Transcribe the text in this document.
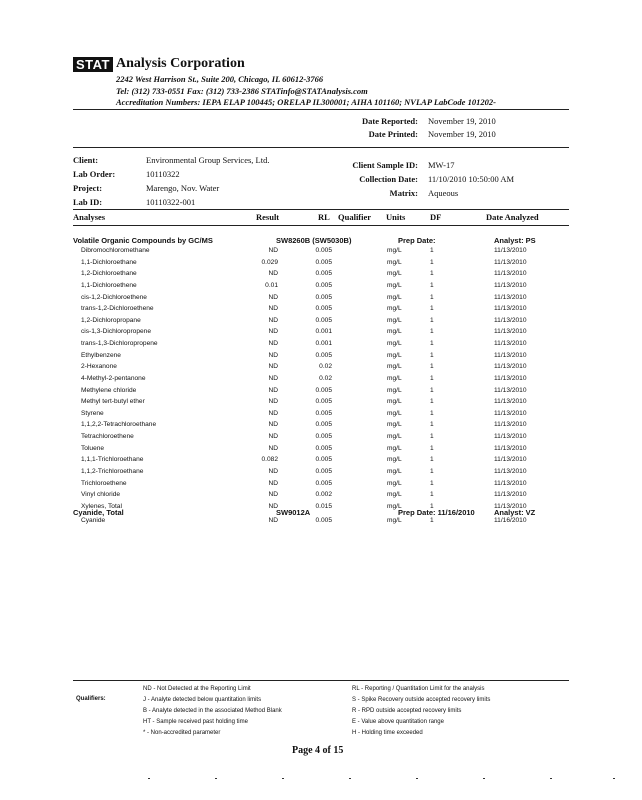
STAT Analysis Corporation
2242 West Harrison St., Suite 200, Chicago, IL 60612-3766
Tel: (312) 733-0551 Fax: (312) 733-2386 STATinfo@STATAnalysis.com
Accreditation Numbers: IEPA ELAP 100445; ORELAP IL300001; AIHA 101160; NVLAP LabCode 101202-
Date Reported: November 19, 2010
Date Printed: November 19, 2010
Client:	Environmental Group Services, Ltd.
Lab Order:	10110322
Project:	Marengo, Nov. Water
Lab ID:	10110322-001
Client Sample ID: MW-17
Collection Date: 11/10/2010 10:50:00 AM
Matrix: Aqueous
Analyses	Result	RL Qualifier Units	DF	Date Analyzed
Volatile Organic Compounds by GC/MS	SW8260B (SW5030B)	Prep Date:	Analyst: PS
Dibromochloromethane	ND	0.005	mg/L	1	11/13/2010
1,1-Dichloroethane	0.029	0.005	mg/L	1	11/13/2010
1,2-Dichloroethane	ND	0.005	mg/L	1	11/13/2010
1,1-Dichloroethene	0.01	0.005	mg/L	1	11/13/2010
cis-1,2-Dichloroethene	ND	0.005	mg/L	1	11/13/2010
trans-1,2-Dichloroethene	ND	0.005	mg/L	1	11/13/2010
1,2-Dichloropropane	ND	0.005	mg/L	1	11/13/2010
cis-1,3-Dichloropropene	ND	0.001	mg/L	1	11/13/2010
trans-1,3-Dichloropropene	ND	0.001	mg/L	1	11/13/2010
Ethylbenzene	ND	0.005	mg/L	1	11/13/2010
2-Hexanone	ND	0.02	mg/L	1	11/13/2010
4-Methyl-2-pentanone	ND	0.02	mg/L	1	11/13/2010
Methylene chloride	ND	0.005	mg/L	1	11/13/2010
Methyl tert-butyl ether	ND	0.005	mg/L	1	11/13/2010
Styrene	ND	0.005	mg/L	1	11/13/2010
1,1,2,2-Tetrachloroethane	ND	0.005	mg/L	1	11/13/2010
Tetrachloroethene	ND	0.005	mg/L	1	11/13/2010
Toluene	ND	0.005	mg/L	1	11/13/2010
1,1,1-Trichloroethane	0.082	0.005	mg/L	1	11/13/2010
1,1,2-Trichloroethane	ND	0.005	mg/L	1	11/13/2010
Trichloroethene	ND	0.005	mg/L	1	11/13/2010
Vinyl chloride	ND	0.002	mg/L	1	11/13/2010
Xylenes, Total	ND	0.015	mg/L	1	11/13/2010
Cyanide, Total	SW9012A	Prep Date: 11/16/2010	Analyst: VZ
Cyanide	ND	0.005	mg/L	1	11/16/2010
Qualifiers:
ND - Not Detected at the Reporting Limit
J - Analyte detected below quantitation limits
B - Analyte detected in the associated Method Blank
HT - Sample received past holding time
* - Non-accredited parameter
RL - Reporting / Quantitation Limit for the analysis
S - Spike Recovery outside accepted recovery limits
R - RPD outside accepted recovery limits
E - Value above quantitation range
H - Holding time exceeded
Page 4 of 15
